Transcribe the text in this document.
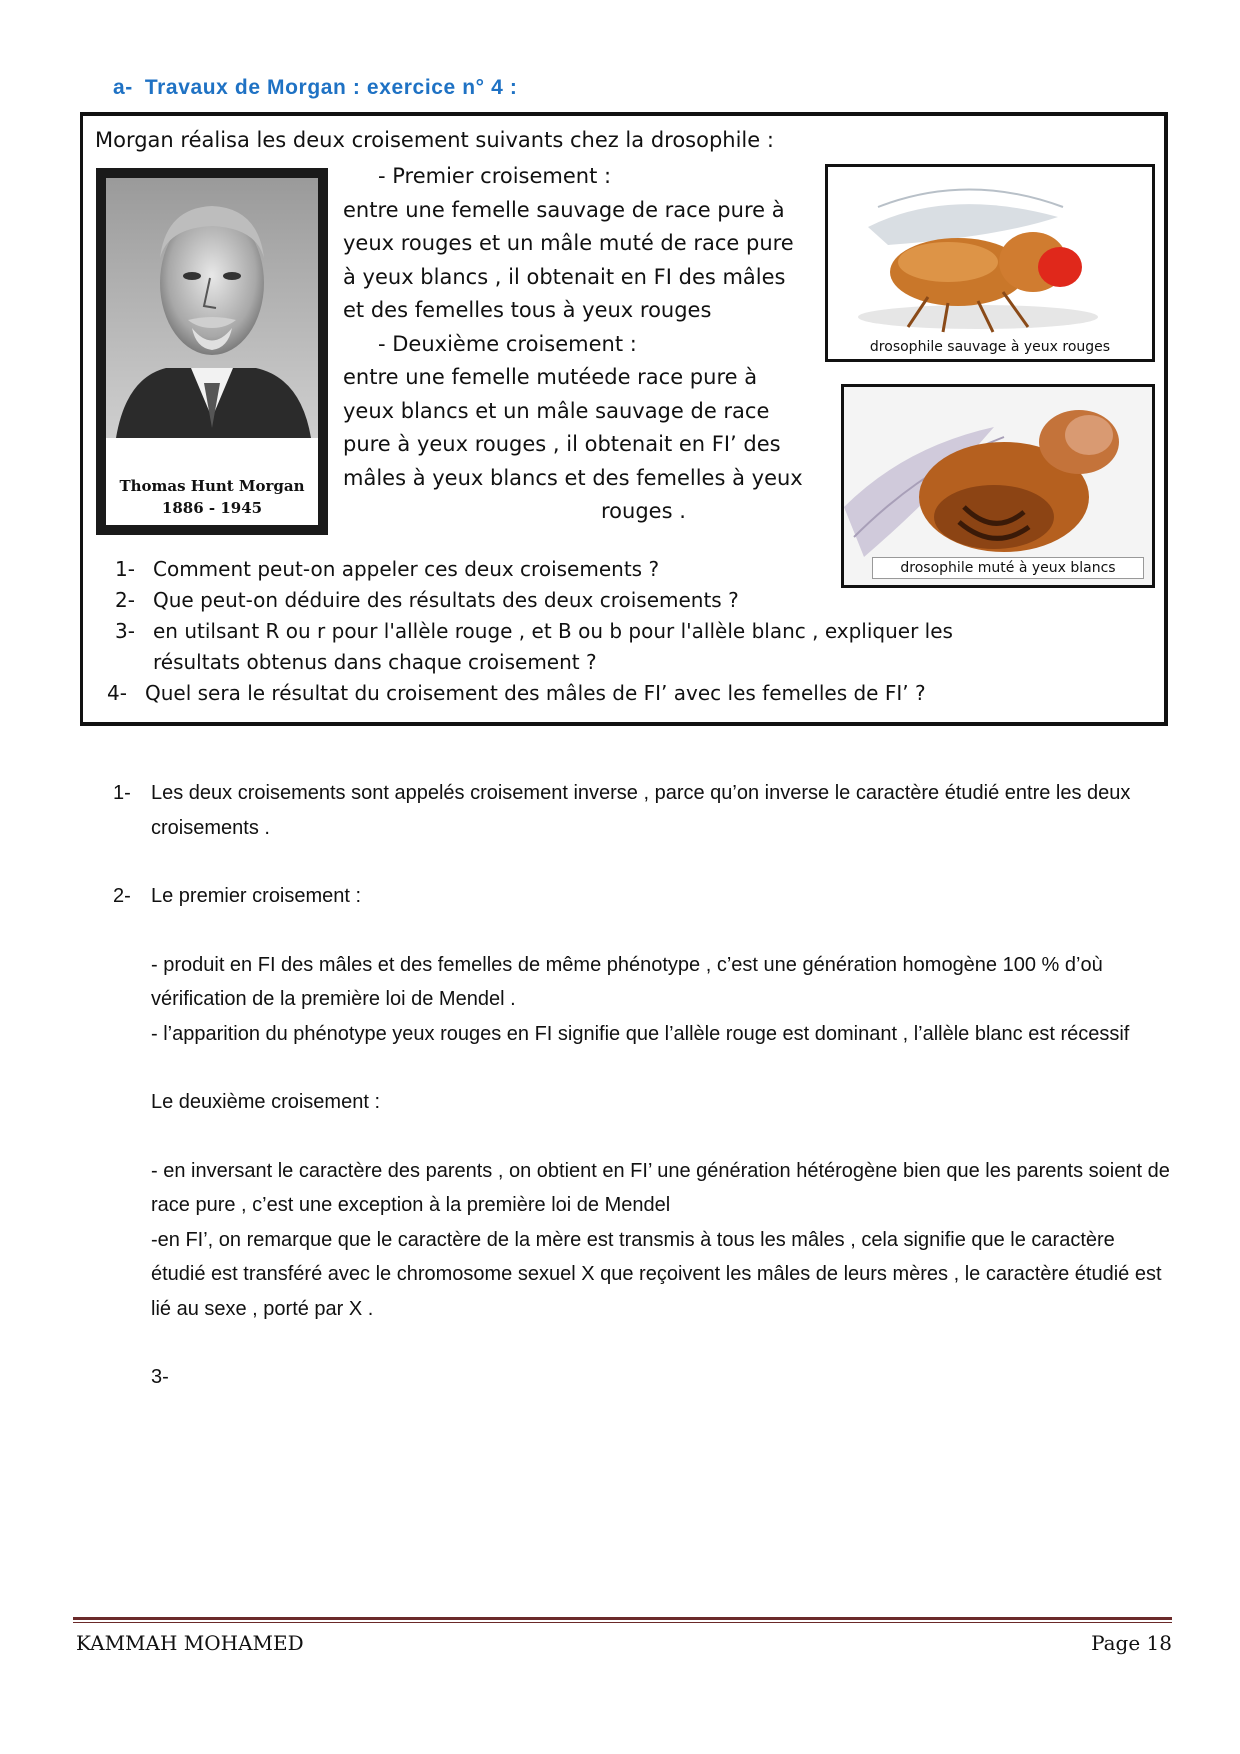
a- Travaux de Morgan : exercice n° 4 :
Morgan réalisa les deux croisement suivants chez la drosophile :
Thomas Hunt Morgan
1886 - 1945
- Premier croisement :
entre une femelle sauvage de race pure à
yeux rouges et un mâle muté de race pure
à yeux blancs , il obtenait en FI des mâles
et des femelles tous à yeux rouges
- Deuxième croisement :
entre une femelle mutéede race pure à
yeux blancs et un mâle sauvage de race
pure à yeux rouges , il obtenait en FI’ des
mâles à yeux blancs et des femelles à yeux
rouges .
drosophile sauvage à yeux rouges
drosophile muté à yeux blancs
1- Comment peut-on appeler ces deux croisements ?
2- Que peut-on déduire des résultats des deux croisements ?
3- en utilsant R ou r pour l'allèle rouge , et B ou b pour l'allèle blanc , expliquer les
résultats obtenus dans chaque croisement ?
4- Quel sera le résultat du croisement des mâles de FI’ avec les femelles de FI’ ?
1-	Les deux croisements sont appelés croisement inverse , parce qu’on inverse le caractère étudié entre les deux croisements .
2-	Le premier croisement :
- produit en FI des mâles et des femelles de même phénotype , c’est une génération homogène 100 % d’où vérification de la première loi de Mendel .
- l’apparition du phénotype yeux rouges en FI signifie que l’allèle rouge est dominant , l’allèle blanc est récessif
Le deuxième croisement :
- en inversant le caractère des parents , on obtient en FI’ une génération hétérogène bien que les parents soient de race pure , c’est une exception à la première loi de Mendel
-en FI’, on remarque que le caractère de la mère est transmis à tous les mâles , cela signifie que le caractère étudié est transféré avec le chromosome sexuel X que reçoivent les mâles de leurs mères , le caractère étudié est lié au sexe , porté par X .
3-
KAMMAH MOHAMED	Page 18
